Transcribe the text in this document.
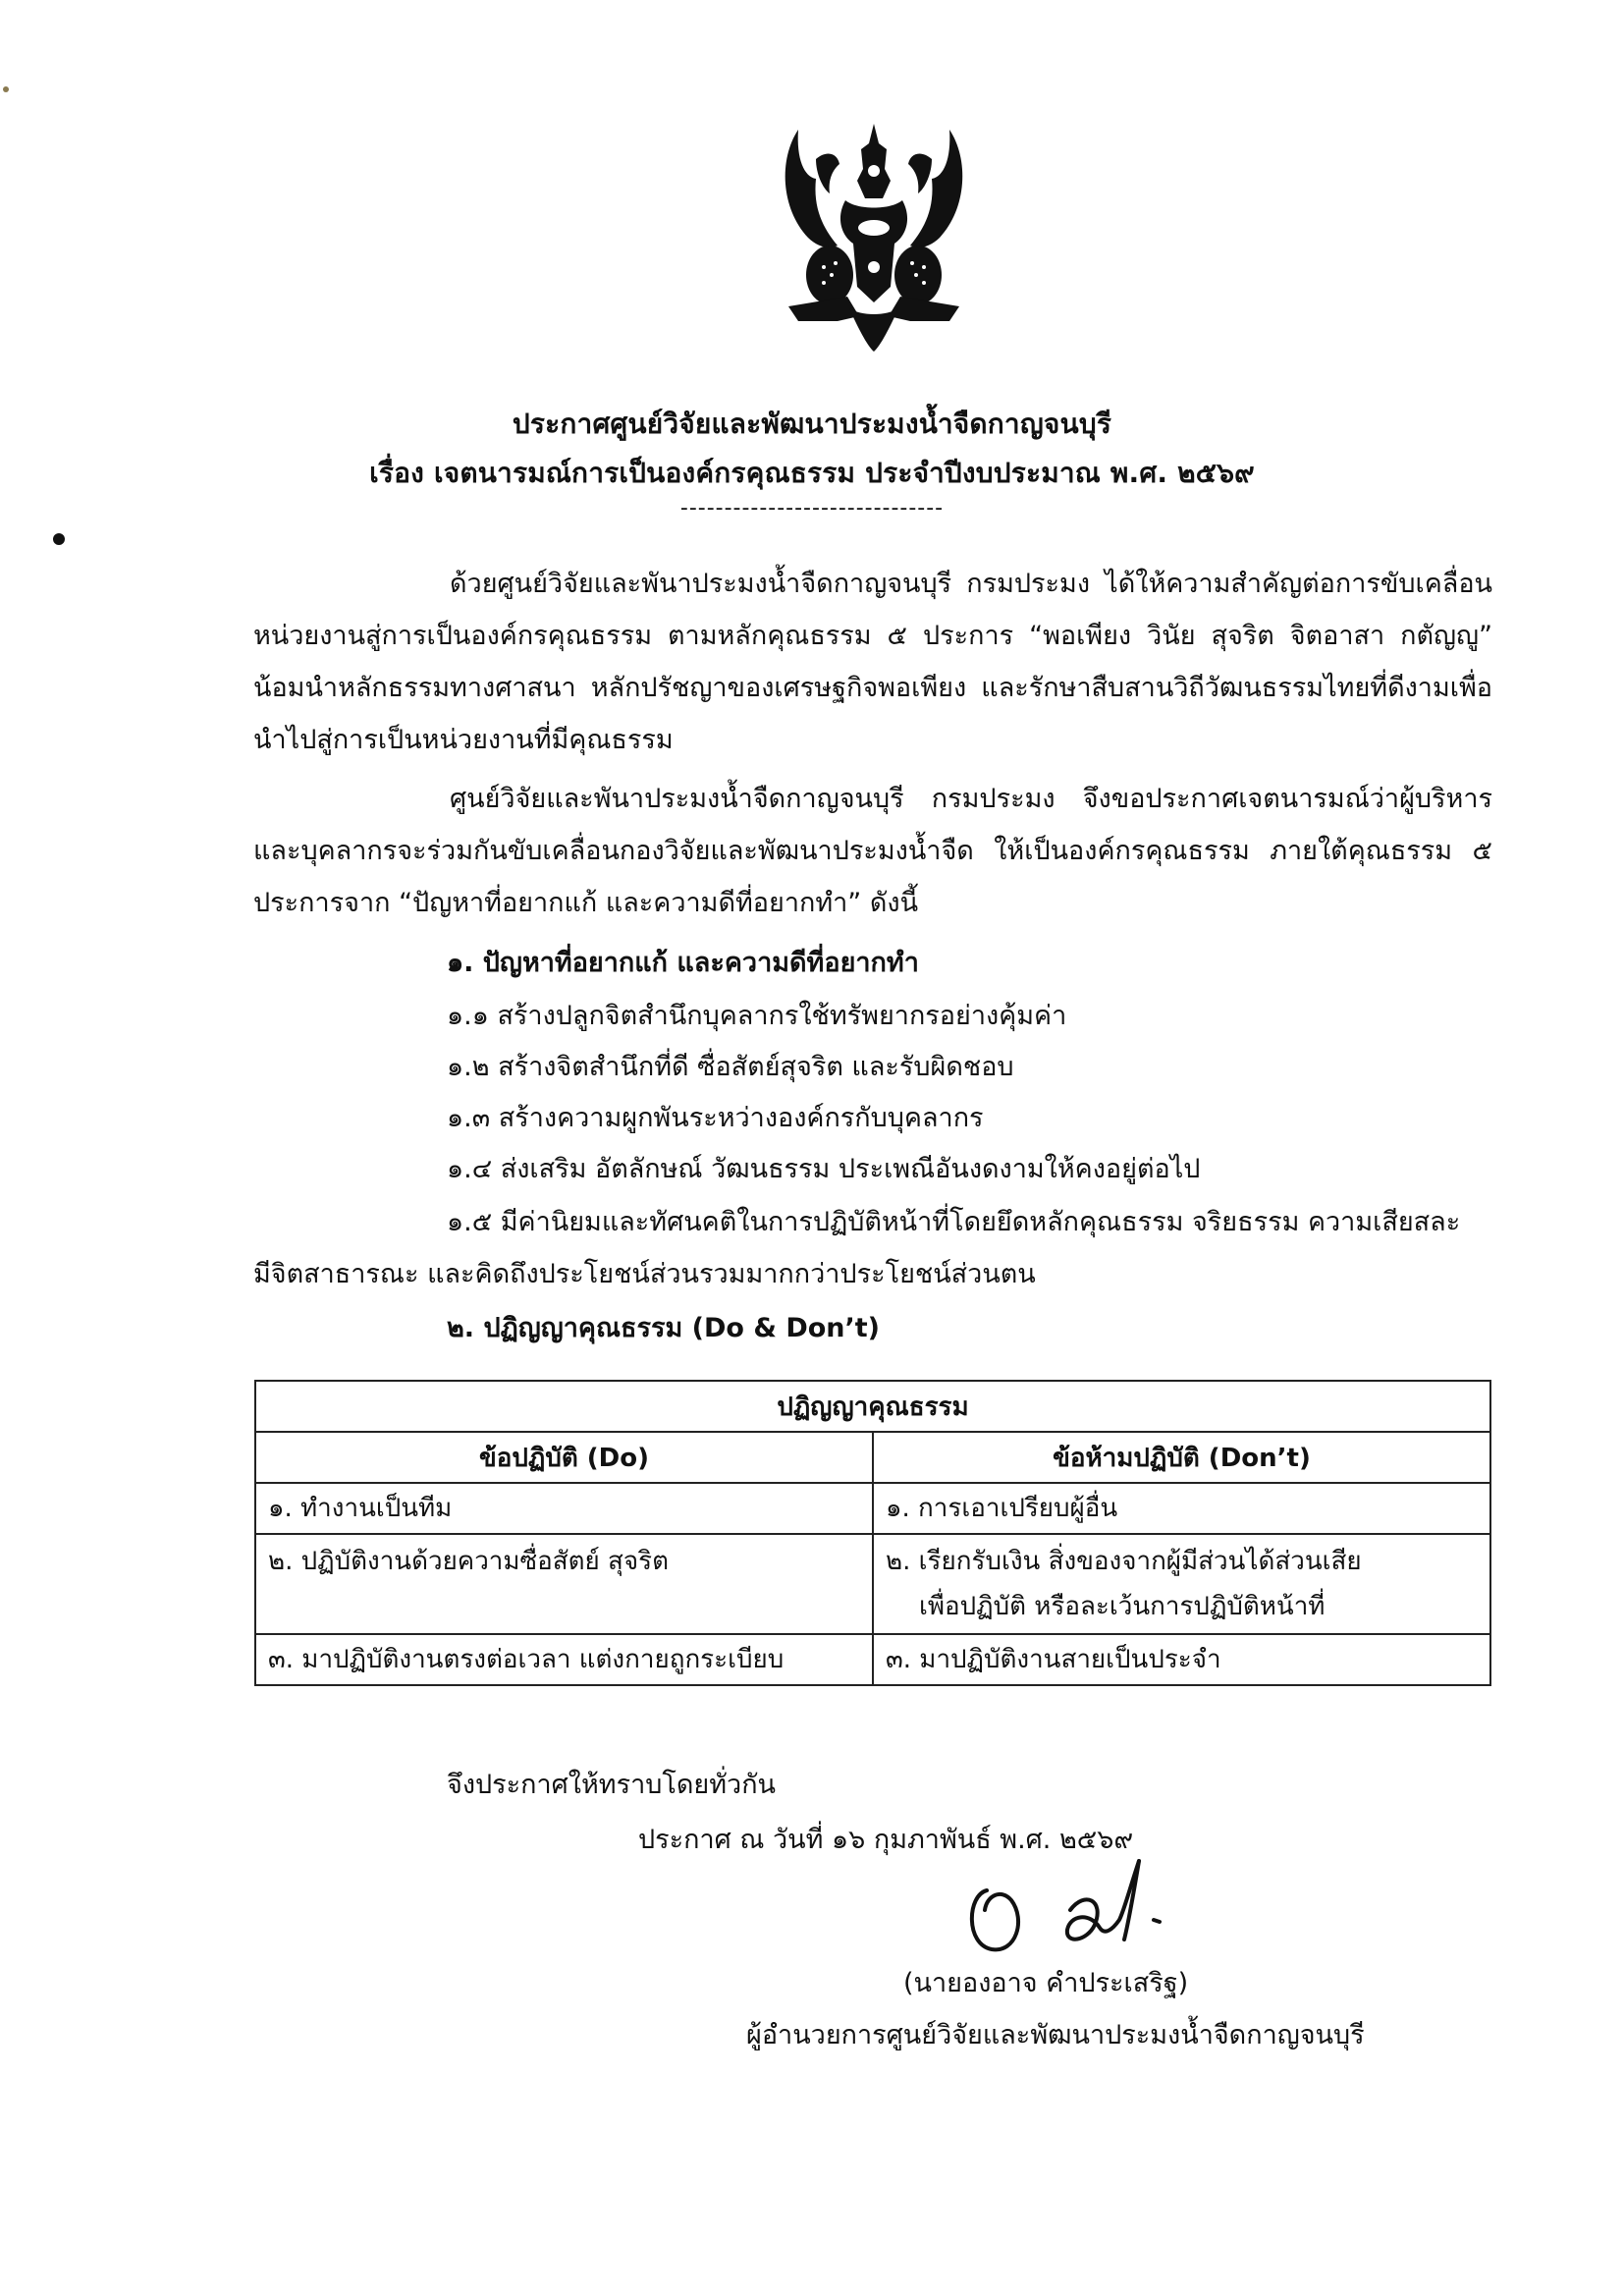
ประกาศศูนย์วิจัยและพัฒนาประมงน้ำจืดกาญจนบุรี
เรื่อง เจตนารมณ์การเป็นองค์กรคุณธรรม ประจำปีงบประมาณ พ.ศ. ๒๕๖๙
------------------------------
ด้วยศูนย์วิจัยและพันาประมงน้ำจืดกาญจนบุรี กรมประมง ได้ให้ความสำคัญต่อการขับเคลื่อนหน่วยงานสู่การเป็นองค์กรคุณธรรม ตามหลักคุณธรรม ๕ ประการ “พอเพียง วินัย สุจริต จิตอาสา กตัญญู” น้อมนำหลักธรรมทางศาสนา หลักปรัชญาของเศรษฐกิจพอเพียง และรักษาสืบสานวิถีวัฒนธรรมไทยที่ดีงามเพื่อนำไปสู่การเป็นหน่วยงานที่มีคุณธรรม
ศูนย์วิจัยและพันาประมงน้ำจืดกาญจนบุรี กรมประมง จึงขอประกาศเจตนารมณ์ว่าผู้บริหารและบุคลากรจะร่วมกันขับเคลื่อนกองวิจัยและพัฒนาประมงน้ำจืด ให้เป็นองค์กรคุณธรรม ภายใต้คุณธรรม ๕ ประการจาก “ปัญหาที่อยากแก้ และความดีที่อยากทำ” ดังนี้
๑. ปัญหาที่อยากแก้ และความดีที่อยากทำ
๑.๑ สร้างปลูกจิตสำนึกบุคลากรใช้ทรัพยากรอย่างคุ้มค่า
๑.๒ สร้างจิตสำนึกที่ดี ซื่อสัตย์สุจริต และรับผิดชอบ
๑.๓ สร้างความผูกพันระหว่างองค์กรกับบุคลากร
๑.๔ ส่งเสริม อัตลักษณ์ วัฒนธรรม ประเพณีอันงดงามให้คงอยู่ต่อไป
๑.๕ มีค่านิยมและทัศนคติในการปฏิบัติหน้าที่โดยยึดหลักคุณธรรม จริยธรรม ความเสียสละ
มีจิตสาธารณะ และคิดถึงประโยชน์ส่วนรวมมากกว่าประโยชน์ส่วนตน
๒. ปฏิญญาคุณธรรม (Do & Don’t)
ปฏิญญาคุณธรรม	
ข้อปฏิบัติ (Do)	ข้อห้ามปฏิบัติ (Don’t)
๑. ทำงานเป็นทีม	๑. การเอาเปรียบผู้อื่น
๒. ปฏิบัติงานด้วยความซื่อสัตย์ สุจริต	๒. เรียกรับเงิน สิ่งของจากผู้มีส่วนได้ส่วนเสีย
เพื่อปฏิบัติ หรือละเว้นการปฏิบัติหน้าที่

๓. มาปฏิบัติงานตรงต่อเวลา แต่งกายถูกระเบียบ	๓. มาปฏิบัติงานสายเป็นประจำ
จึงประกาศให้ทราบโดยทั่วกัน
ประกาศ ณ วันที่ ๑๖ กุมภาพันธ์ พ.ศ. ๒๕๖๙
(นายองอาจ คำประเสริฐ)
ผู้อำนวยการศูนย์วิจัยและพัฒนาประมงน้ำจืดกาญจนบุรี
